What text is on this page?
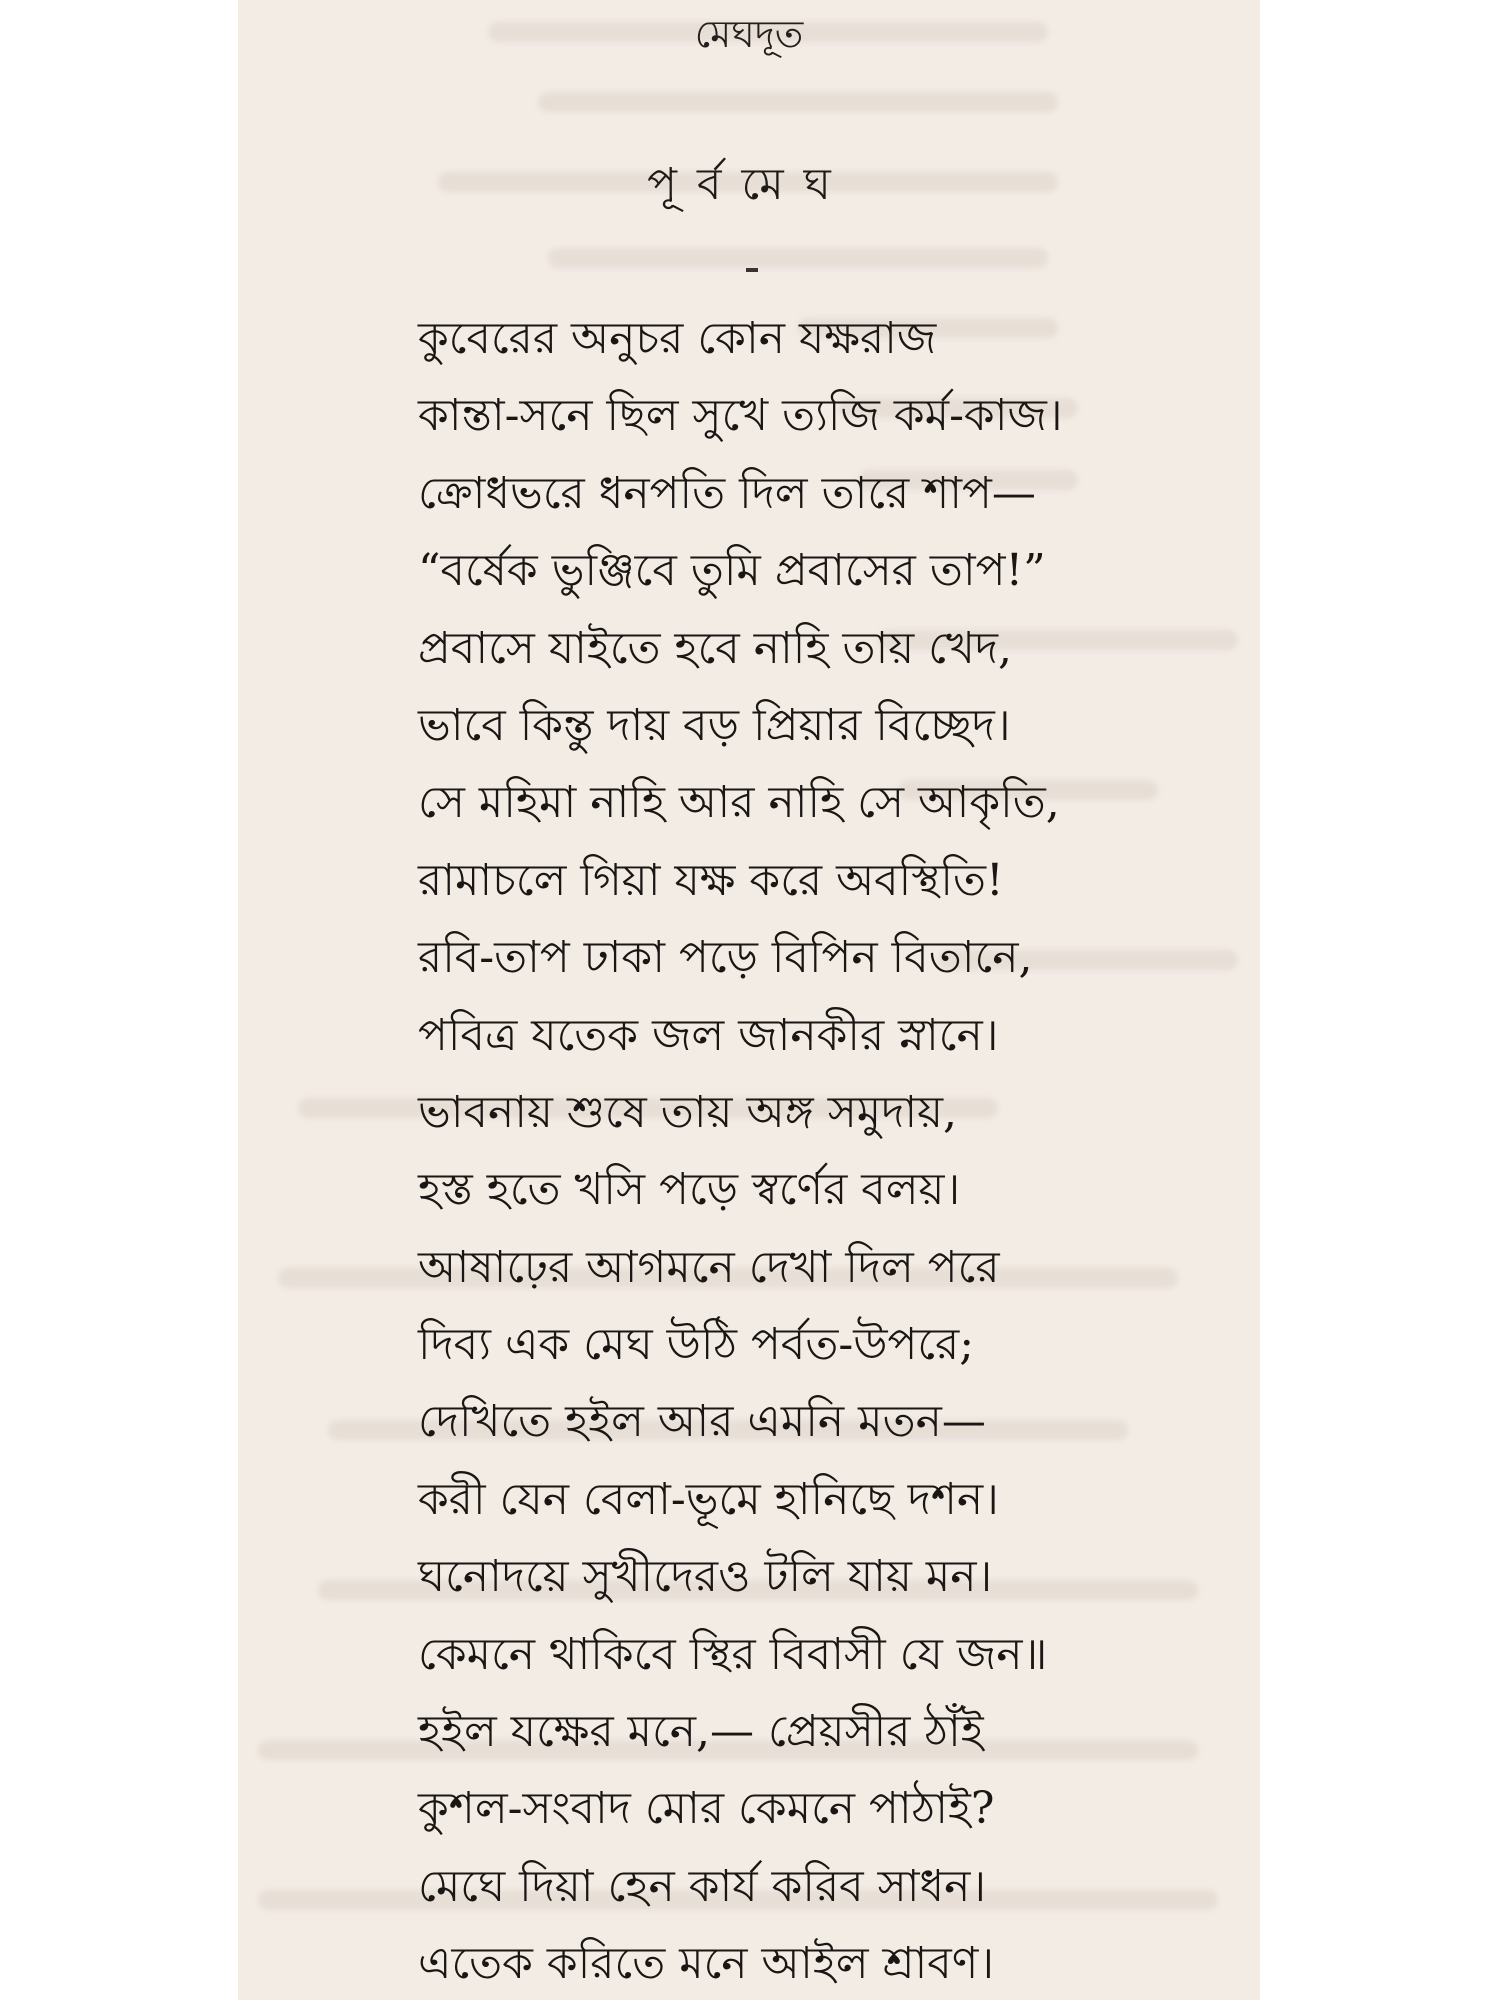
মেঘদূত
পূর্বমেঘ
কুবেরের অনুচর কোন যক্ষরাজ
কান্তা-সনে ছিল সুখে ত্যজি কর্ম-কাজ।
ক্রোধভরে ধনপতি দিল তারে শাপ—
“বর্ষেক ভুঞ্জিবে তুমি প্রবাসের তাপ!”
প্রবাসে যাইতে হবে নাহি তায় খেদ,
ভাবে কিন্তু দায় বড় প্রিয়ার বিচ্ছেদ।
সে মহিমা নাহি আর নাহি সে আকৃতি,
রামাচলে গিয়া যক্ষ করে অবস্থিতি!
রবি-তাপ ঢাকা পড়ে বিপিন বিতানে,
পবিত্র যতেক জল জানকীর স্নানে।
ভাবনায় শুষে তায় অঙ্গ সমুদায়,
হস্ত হতে খসি পড়ে স্বর্ণের বলয়।
আষাঢ়ের আগমনে দেখা দিল পরে
দিব্য এক মেঘ উঠি পর্বত-উপরে;
দেখিতে হইল আর এমনি মতন—
করী যেন বেলা-ভূমে হানিছে দশন।
ঘনোদয়ে সুখীদেরও টলি যায় মন।
কেমনে থাকিবে স্থির বিবাসী যে জন॥
হইল যক্ষের মনে,— প্রেয়সীর ঠাঁই
কুশল-সংবাদ মোর কেমনে পাঠাই?
মেঘে দিয়া হেন কার্য করিব সাধন।
এতেক করিতে মনে আইল শ্রাবণ।
